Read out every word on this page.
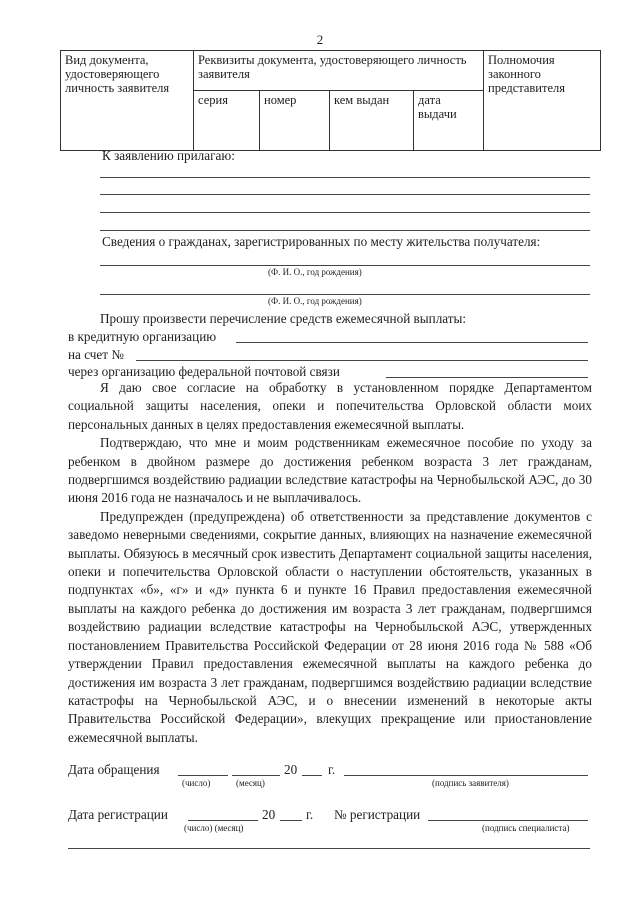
2
Вид документа, удостоверяющего личность заявителя	Реквизиты документа, удостоверяющего личность заявителя				Полномочия законного представителя
	серия	номер	кем выдан	дата выдачи	
К заявлению прилагаю:
Сведения о гражданах, зарегистрированных по месту жительства получателя:
(Ф. И. О., год рождения)
(Ф. И. О., год рождения)
Прошу произвести перечисление средств ежемесячной выплаты:
в кредитную организацию
на счет №
через организацию федеральной почтовой связи

Я даю свое согласие на обработку в установленном порядке Департаментом социальной защиты населения, опеки и попечительства Орловской области моих персональных данных в целях предоставления ежемесячной выплаты.

Подтверждаю, что мне и моим родственникам ежемесячное пособие по уходу за ребенком в двойном размере до достижения ребенком возраста 3 лет гражданам, подвергшимся воздействию радиации вследствие катастрофы на Чернобыльской АЭС, до 30 июня 2016 года не назначалось и не выплачивалось.

Предупрежден (предупреждена) об ответственности за представление документов с заведомо неверными сведениями, сокрытие данных, влияющих на назначение ежемесячной выплаты. Обязуюсь в месячный срок известить Департамент социальной защиты населения, опеки и попечительства Орловской области о наступлении обстоятельств, указанных в подпунктах «б», «г» и «д» пункта 6 и пункте 16 Правил предоставления ежемесячной выплаты на каждого ребенка до достижения им возраста 3 лет гражданам, подвергшимся воздействию радиации вследствие катастрофы на Чернобыльской АЭС, утвержденных постановлением Правительства Российской Федерации от 28 июня 2016 года № 588 «Об утверждении Правил предоставления ежемесячной выплаты на каждого ребенка до достижения им возраста 3 лет гражданам, подвергшимся воздействию радиации вследствие катастрофы на Чернобыльской АЭС, и о внесении изменений в некоторые акты Правительства Российской Федерации», влекущих прекращение или приостановление ежемесячной выплаты.

Дата обращения	20 г.
(число)	(месяц)	(подпись заявителя)
Дата регистрации	20 г. № регистрации
(число) (месяц)	(подпись специалиста)
